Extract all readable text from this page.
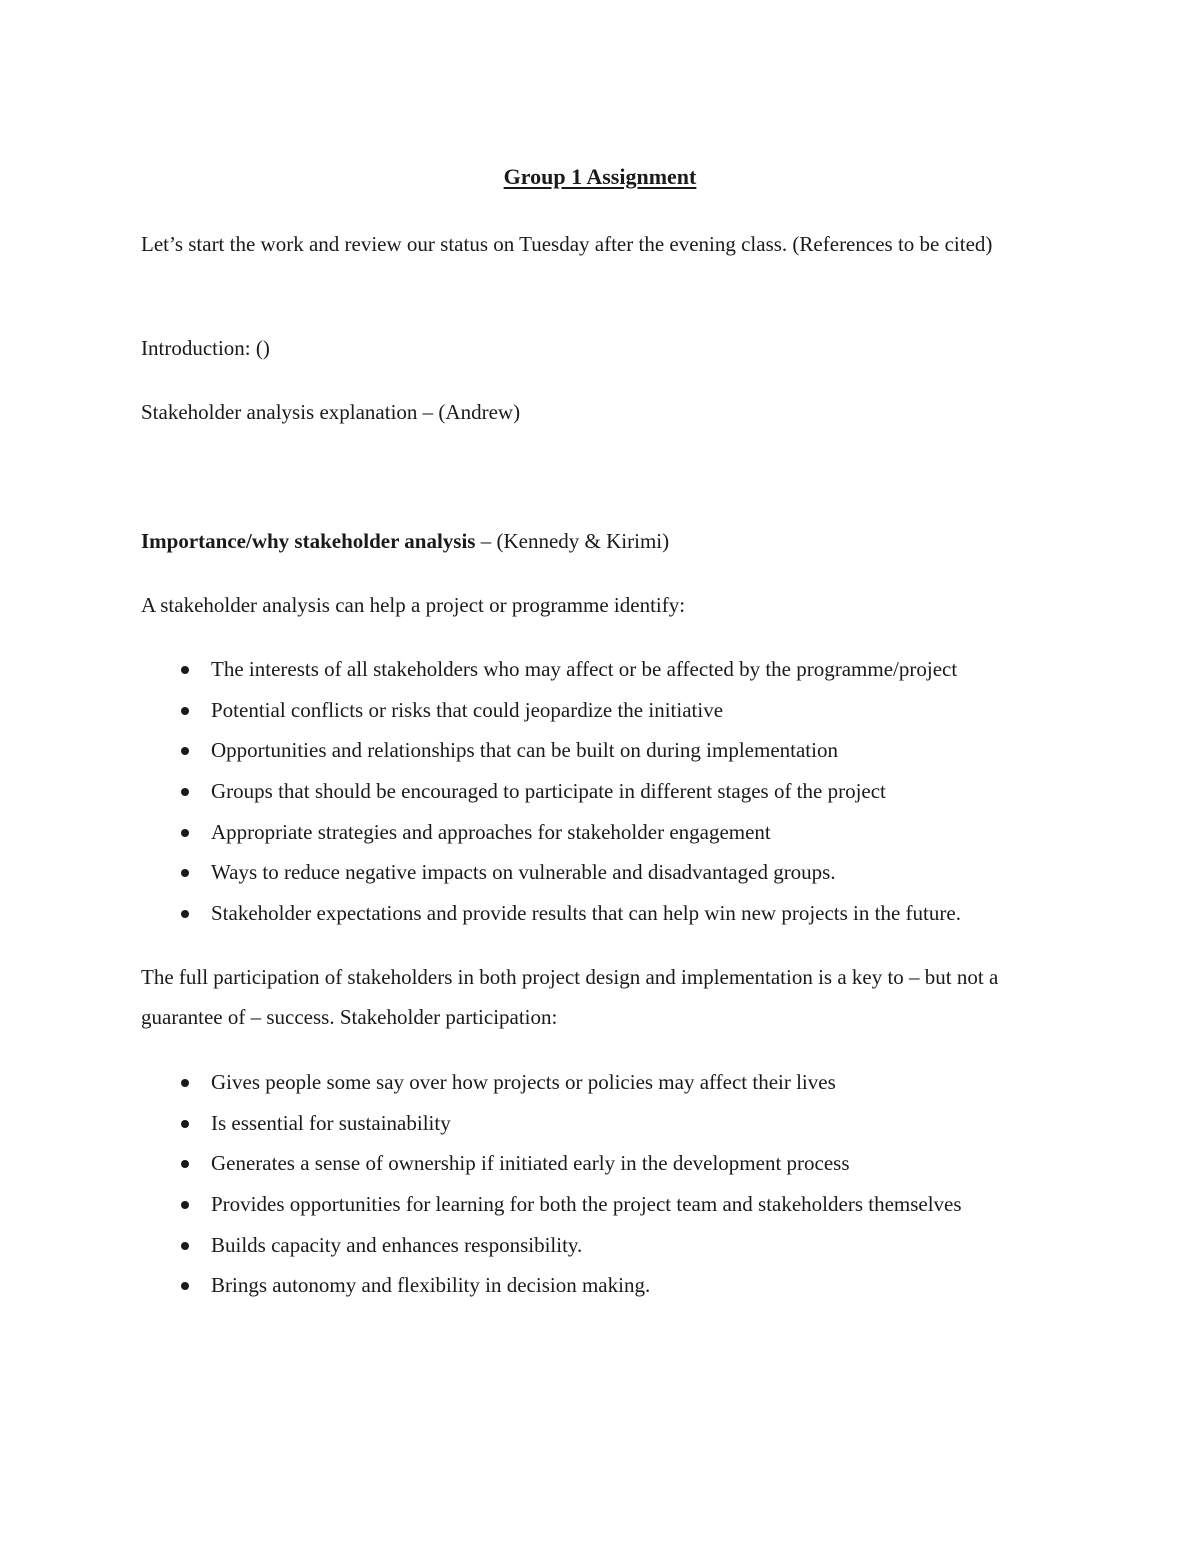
Group 1 Assignment

Let’s start the work and review our status on Tuesday after the evening class. (References to be cited)

Introduction: ()

Stakeholder analysis explanation – (Andrew)

Importance/why stakeholder analysis – (Kennedy & Kirimi)

A stakeholder analysis can help a project or programme identify:

The interests of all stakeholders who may affect or be affected by the programme/project
Potential conflicts or risks that could jeopardize the initiative
Opportunities and relationships that can be built on during implementation
Groups that should be encouraged to participate in different stages of the project
Appropriate strategies and approaches for stakeholder engagement
Ways to reduce negative impacts on vulnerable and disadvantaged groups.
Stakeholder expectations and provide results that can help win new projects in the future.

The full participation of stakeholders in both project design and implementation is a key to – but not a guarantee of – success. Stakeholder participation:

Gives people some say over how projects or policies may affect their lives
Is essential for sustainability
Generates a sense of ownership if initiated early in the development process
Provides opportunities for learning for both the project team and stakeholders themselves
Builds capacity and enhances responsibility.
Brings autonomy and flexibility in decision making.
